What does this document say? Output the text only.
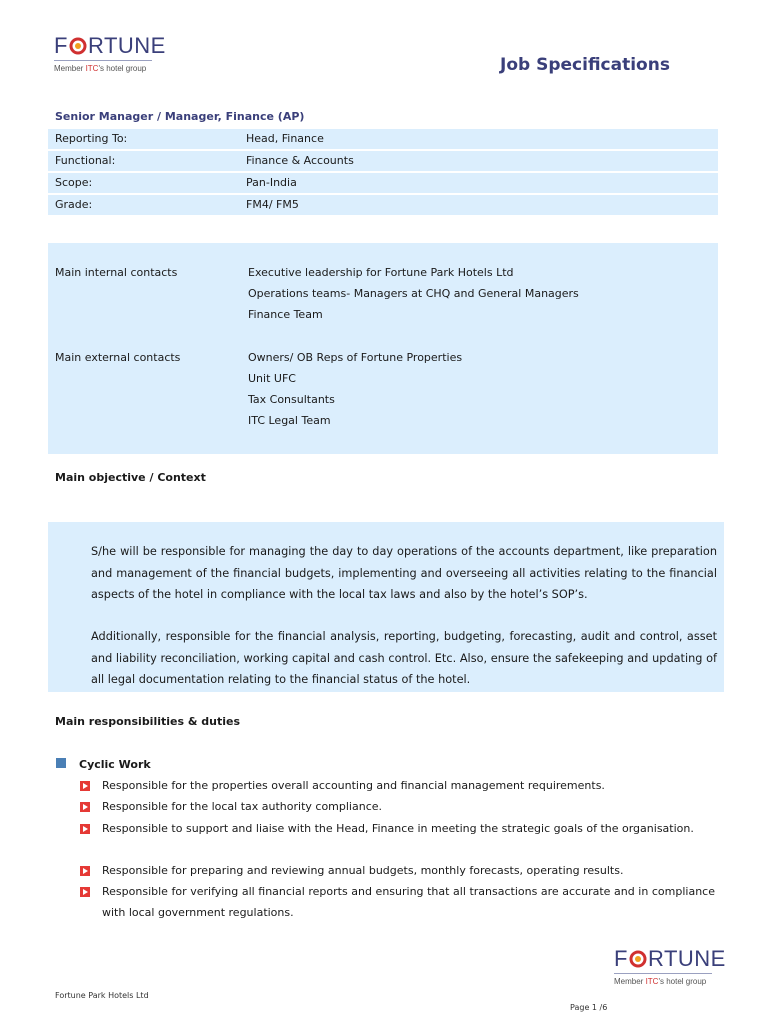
F RTUNE
Member ITC's hotel group	Job Specifications
Senior Manager / Manager, Finance (AP)
Reporting To:	Head, Finance
Functional:	Finance & Accounts
Scope:	Pan-India
Grade:	FM4/ FM5
Main internal contacts	Executive leadership for Fortune Park Hotels Ltd
Operations teams- Managers at CHQ and General Managers
Finance Team
Main external contacts	Owners/ OB Reps of Fortune Properties
Unit UFC
Tax Consultants
ITC Legal Team
Main objective / Context
S/he will be responsible for managing the day to day operations of the accounts department, like preparation and management of the financial budgets, implementing and overseeing all activities relating to the financial aspects of the hotel in compliance with the local tax laws and also by the hotel’s SOP’s.
Additionally, responsible for the financial analysis, reporting, budgeting, forecasting, audit and control, asset and liability reconciliation, working capital and cash control. Etc. Also, ensure the safekeeping and updating of all legal documentation relating to the financial status of the hotel.
Main responsibilities & duties
Cyclic Work
Responsible for the properties overall accounting and financial management requirements.
Responsible for the local tax authority compliance.
Responsible to support and liaise with the Head, Finance in meeting the strategic goals of the organisation.
Responsible for preparing and reviewing annual budgets, monthly forecasts, operating results.
Responsible for verifying all financial reports and ensuring that all transactions are accurate and in compliance with local government regulations.
F RTUNE
Member ITC's hotel group
Fortune Park Hotels Ltd
Page 1 /6
